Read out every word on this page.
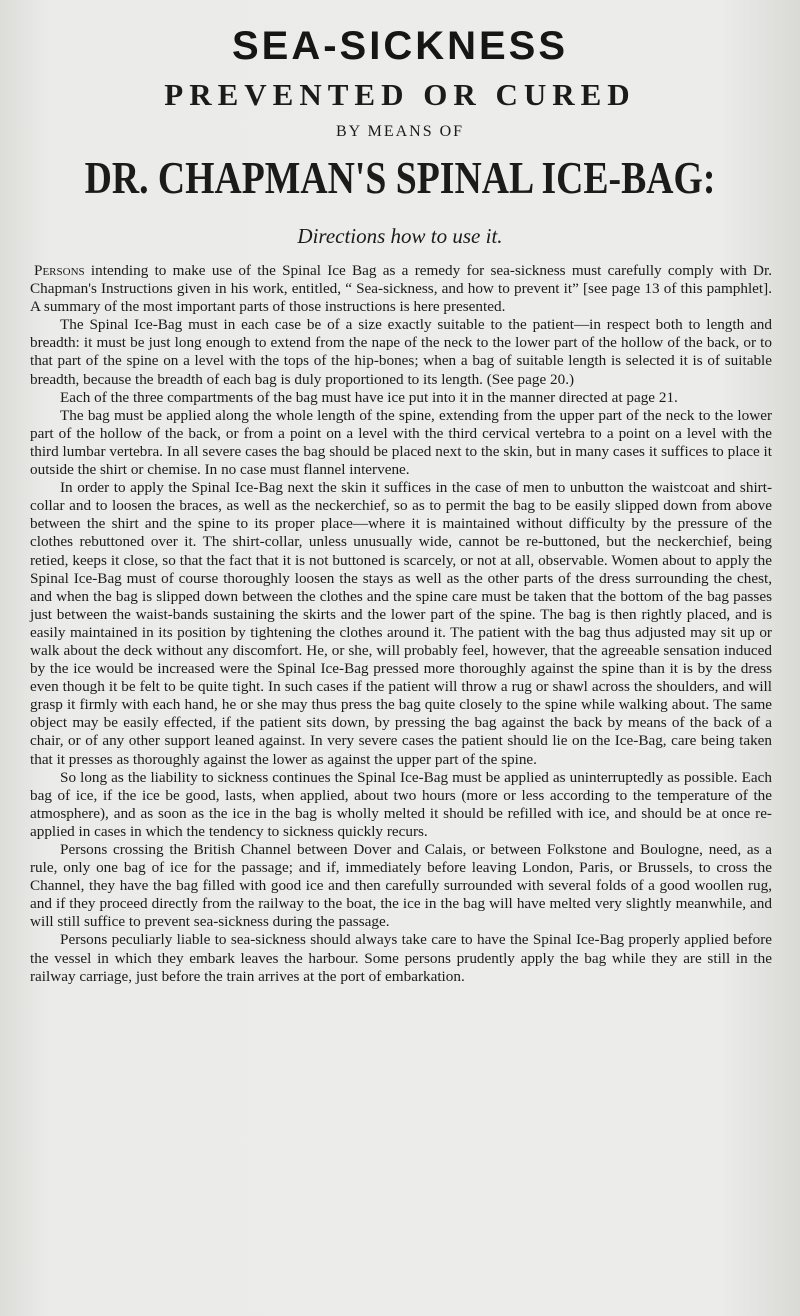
SEA-SICKNESS
PREVENTED OR CURED
BY MEANS OF
DR. CHAPMAN'S SPINAL ICE-BAG:
Directions how to use it.

Persons intending to make use of the Spinal Ice Bag as a remedy for sea-sickness must carefully comply with Dr. Chapman's Instructions given in his work, entitled, “ Sea-sickness, and how to prevent it” [see page 13 of this pamphlet]. A summary of the most important parts of those instructions is here presented.

The Spinal Ice-Bag must in each case be of a size exactly suitable to the patient—in respect both to length and breadth: it must be just long enough to extend from the nape of the neck to the lower part of the hollow of the back, or to that part of the spine on a level with the tops of the hip-bones; when a bag of suitable length is selected it is of suitable breadth, because the breadth of each bag is duly proportioned to its length. (See page 20.)

Each of the three compartments of the bag must have ice put into it in the manner directed at page 21.

The bag must be applied along the whole length of the spine, extending from the upper part of the neck to the lower part of the hollow of the back, or from a point on a level with the third cervical vertebra to a point on a level with the third lumbar vertebra. In all severe cases the bag should be placed next to the skin, but in many cases it suffices to place it outside the shirt or chemise. In no case must flannel intervene.

In order to apply the Spinal Ice-Bag next the skin it suffices in the case of men to unbutton the waistcoat and shirt-collar and to loosen the braces, as well as the neckerchief, so as to permit the bag to be easily slipped down from above between the shirt and the spine to its proper place—where it is maintained without difficulty by the pressure of the clothes rebuttoned over it. The shirt-collar, unless unusually wide, cannot be re-buttoned, but the neckerchief, being retied, keeps it close, so that the fact that it is not buttoned is scarcely, or not at all, observable. Women about to apply the Spinal Ice-Bag must of course thoroughly loosen the stays as well as the other parts of the dress surrounding the chest, and when the bag is slipped down between the clothes and the spine care must be taken that the bottom of the bag passes just between the waist-bands sustaining the skirts and the lower part of the spine. The bag is then rightly placed, and is easily maintained in its position by tightening the clothes around it. The patient with the bag thus adjusted may sit up or walk about the deck without any discomfort. He, or she, will probably feel, however, that the agreeable sensation induced by the ice would be increased were the Spinal Ice-Bag pressed more thoroughly against the spine than it is by the dress even though it be felt to be quite tight. In such cases if the patient will throw a rug or shawl across the shoulders, and will grasp it firmly with each hand, he or she may thus press the bag quite closely to the spine while walking about. The same object may be easily effected, if the patient sits down, by pressing the bag against the back by means of the back of a chair, or of any other support leaned against. In very severe cases the patient should lie on the Ice-Bag, care being taken that it presses as thoroughly against the lower as against the upper part of the spine.

So long as the liability to sickness continues the Spinal Ice-Bag must be applied as uninterruptedly as possible. Each bag of ice, if the ice be good, lasts, when applied, about two hours (more or less according to the temperature of the atmosphere), and as soon as the ice in the bag is wholly melted it should be refilled with ice, and should be at once re-applied in cases in which the tendency to sickness quickly recurs.

Persons crossing the British Channel between Dover and Calais, or between Folkstone and Boulogne, need, as a rule, only one bag of ice for the passage; and if, immediately before leaving London, Paris, or Brussels, to cross the Channel, they have the bag filled with good ice and then carefully surrounded with several folds of a good woollen rug, and if they proceed directly from the railway to the boat, the ice in the bag will have melted very slightly meanwhile, and will still suffice to prevent sea-sickness during the passage.

Persons peculiarly liable to sea-sickness should always take care to have the Spinal Ice-Bag properly applied before the vessel in which they embark leaves the harbour. Some persons prudently apply the bag while they are still in the railway carriage, just before the train arrives at the port of embarkation.
